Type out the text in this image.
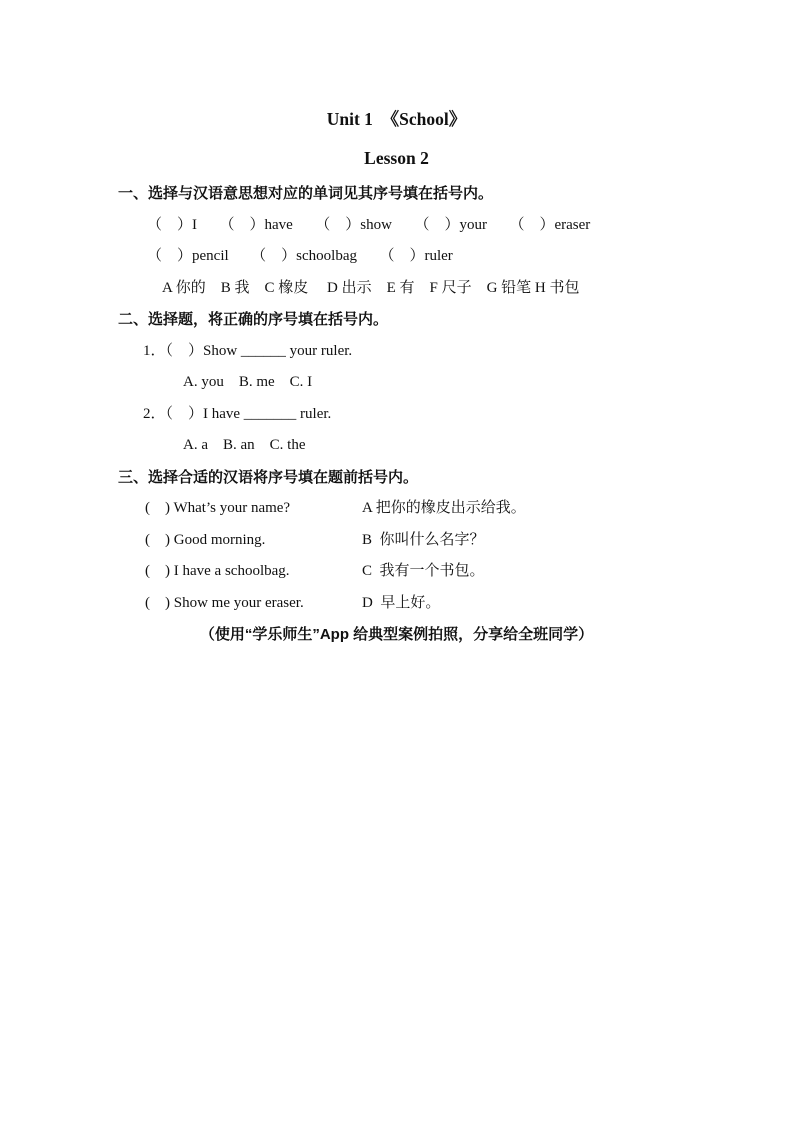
Unit 1　《School》
Lesson 2
一、选择与汉语意思想对应的单词见其序号填在括号内。
（　）I　　（　）have　　（　）show　　（　）your　　（　）eraser
（　）pencil　　（　）schoolbag　　（　）ruler
A 你的　B 我　C 橡皮　 D 出示　E 有　F 尺子　G 铅笔 H 书包
二、选择题，将正确的序号填在括号内。
1．（　）Show ______ your ruler.
A. you　B. me　C. I
2．（　）I have _______ ruler.
A. a　B. an　C. the
三、选择合适的汉语将序号填在题前括号内。
(　) What’s your name?	A 把你的橡皮出示给我。
(　) Good morning.	B  你叫什么名字？
(　) I have a schoolbag.	C  我有一个书包。
(　) Show me your eraser.	D  早上好。
（使用“学乐师生”App 给典型案例拍照，分享给全班同学）
